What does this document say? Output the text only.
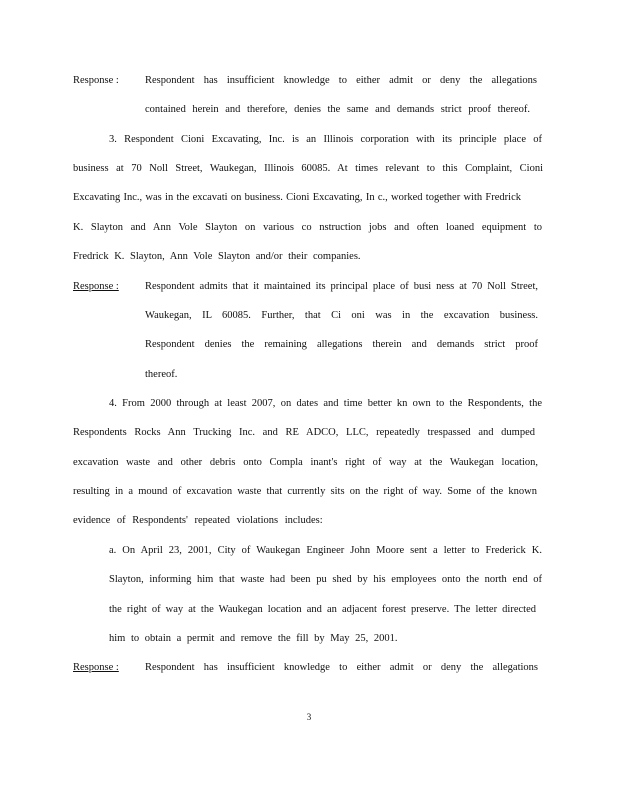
Response : Respondent has insufficient knowledge to either admit or deny the allegations
contained herein and therefore, denies the same and demands strict proof thereof.
3. Respondent Cioni Excavating, Inc. is an Illinois corporation with its principle place of
business at 70 Noll Street, Waukegan, Illinois 60085. At times relevant to this Complaint, Cioni
Excavating Inc., was in the excavati on business. Cioni Excavating, In c., worked together with Fredrick
K. Slayton and Ann Vole Slayton on various co nstruction jobs and often loaned equipment to
Fredrick K. Slayton, Ann Vole Slayton and/or their companies.
Response : Respondent admits that it maintained its principal place of busi ness at 70 Noll Street,
Waukegan, IL 60085. Further, that Ci oni was in the excavation business.
Respondent denies the remaining allegations therein and demands strict proof
thereof.
4. From 2000 through at least 2007, on dates and time better kn own to the Respondents, the
Respondents Rocks Ann Trucking Inc. and RE ADCO, LLC, repeatedly trespassed and dumped
excavation waste and other debris onto Compla inant's right of way at the Waukegan location,
resulting in a mound of excavation waste that currently sits on the right of way. Some of the known
evidence of Respondents' repeated violations includes:
a. On April 23, 2001, City of Waukegan Engineer John Moore sent a letter to Frederick K.
Slayton, informing him that waste had been pu shed by his employees onto the north end of
the right of way at the Waukegan location and an adjacent forest preserve. The letter directed
him to obtain a permit and remove the fill by May 25, 2001.
Response : Respondent has insufficient knowledge to either admit or deny the allegations
3
